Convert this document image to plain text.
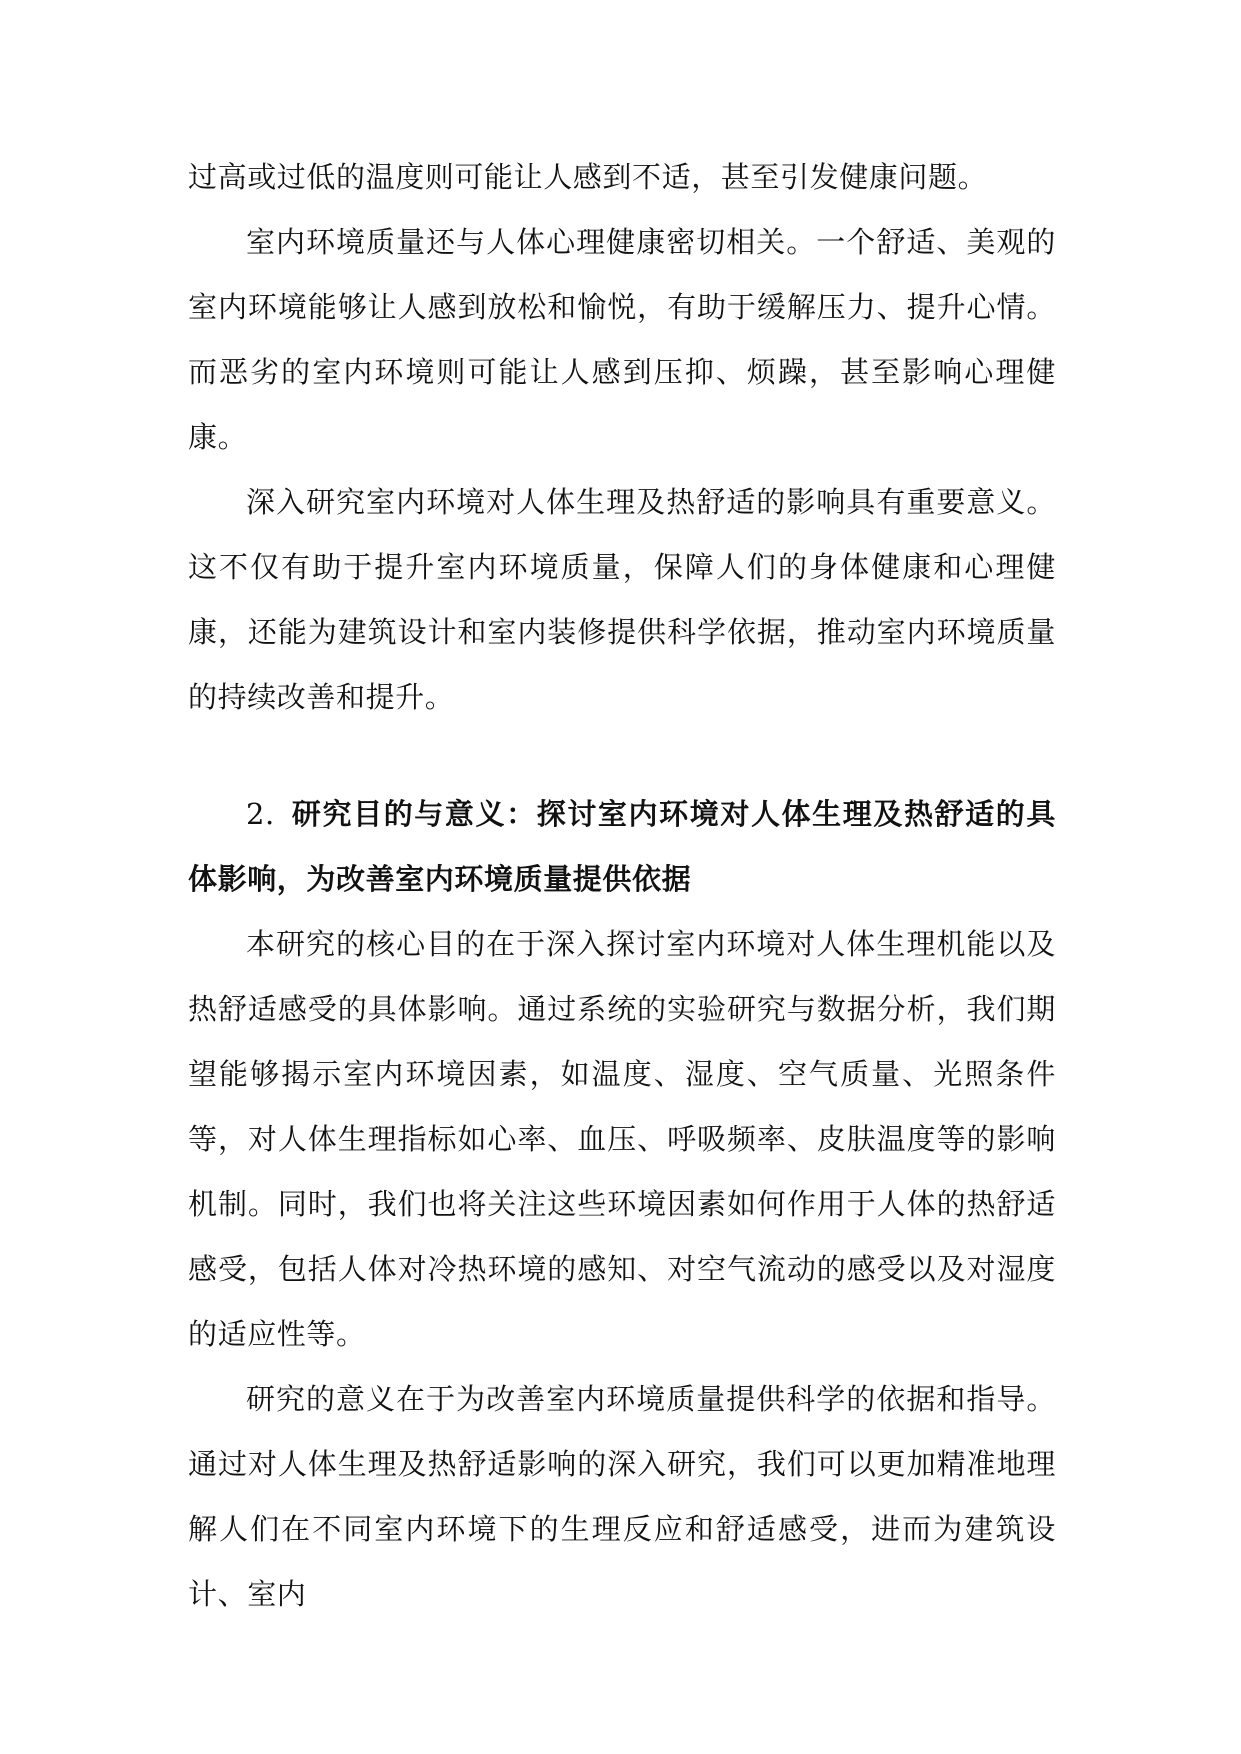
过高或过低的温度则可能让人感到不适，甚至引发健康问题。

室内环境质量还与人体心理健康密切相关。一个舒适、美观的室内环境能够让人感到放松和愉悦，有助于缓解压力、提升心情。而恶劣的室内环境则可能让人感到压抑、烦躁，甚至影响心理健康。

深入研究室内环境对人体生理及热舒适的影响具有重要意义。这不仅有助于提升室内环境质量，保障人们的身体健康和心理健康，还能为建筑设计和室内装修提供科学依据，推动室内环境质量的持续改善和提升。

2. 研究目的与意义：探讨室内环境对人体生理及热舒适的具体影响，为改善室内环境质量提供依据

本研究的核心目的在于深入探讨室内环境对人体生理机能以及热舒适感受的具体影响。通过系统的实验研究与数据分析，我们期望能够揭示室内环境因素，如温度、湿度、空气质量、光照条件等，对人体生理指标如心率、血压、呼吸频率、皮肤温度等的影响机制。同时，我们也将关注这些环境因素如何作用于人体的热舒适感受，包括人体对冷热环境的感知、对空气流动的感受以及对湿度的适应性等。

研究的意义在于为改善室内环境质量提供科学的依据和指导。通过对人体生理及热舒适影响的深入研究，我们可以更加精准地理解人们在不同室内环境下的生理反应和舒适感受，进而为建筑设计、室内
